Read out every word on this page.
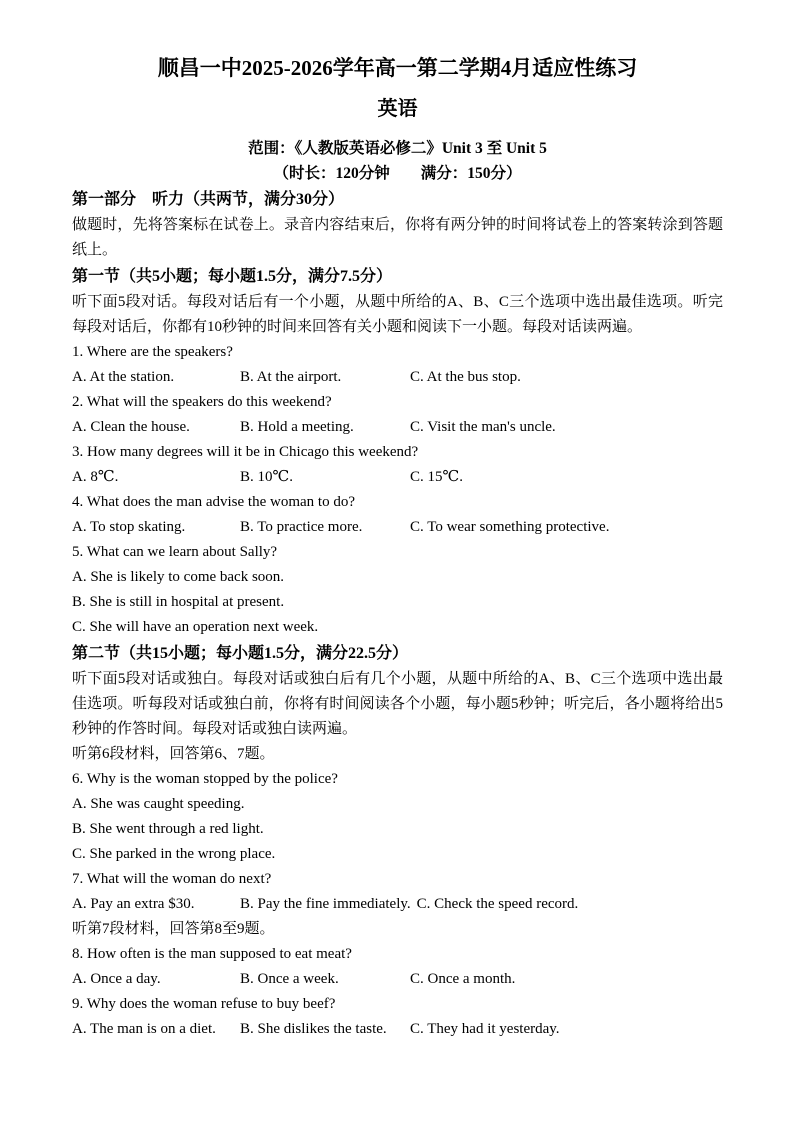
顺昌一中2025-2026学年高一第二学期4月适应性练习
英语
范围：《人教版英语必修二》Unit 3 至 Unit 5
（时长：120分钟　　满分：150分）
第一部分　听力（共两节，满分30分）
做题时，先将答案标在试卷上。录音内容结束后，你将有两分钟的时间将试卷上的答案转涂到答题纸上。
第一节（共5小题；每小题1.5分，满分7.5分）
听下面5段对话。每段对话后有一个小题，从题中所给的A、B、C三个选项中选出最佳选项。听完每段对话后，你都有10秒钟的时间来回答有关小题和阅读下一小题。每段对话读两遍。
1. Where are the speakers?
A. At the station.	B. At the airport.	C. At the bus stop.
2. What will the speakers do this weekend?
A. Clean the house.	B. Hold a meeting.	C. Visit the man's uncle.
3. How many degrees will it be in Chicago this weekend?
A. 8℃.	B. 10℃.	C. 15℃.
4. What does the man advise the woman to do?
A. To stop skating.	B. To practice more.	C. To wear something protective.
5. What can we learn about Sally?
A. She is likely to come back soon.
B. She is still in hospital at present.
C. She will have an operation next week.
第二节（共15小题；每小题1.5分，满分22.5分）
听下面5段对话或独白。每段对话或独白后有几个小题，从题中所给的A、B、C三个选项中选出最佳选项。听每段对话或独白前，你将有时间阅读各个小题，每小题5秒钟；听完后，各小题将给出5秒钟的作答时间。每段对话或独白读两遍。
听第6段材料，回答第6、7题。
6. Why is the woman stopped by the police?
A. She was caught speeding.
B. She went through a red light.
C. She parked in the wrong place.
7. What will the woman do next?
A. Pay an extra $30.	B. Pay the fine immediately. C. Check the speed record.
听第7段材料，回答第8至9题。
8. How often is the man supposed to eat meat?
A. Once a day.	B. Once a week.	C. Once a month.
9. Why does the woman refuse to buy beef?
A. The man is on a diet.	B. She dislikes the taste.	C. They had it yesterday.
